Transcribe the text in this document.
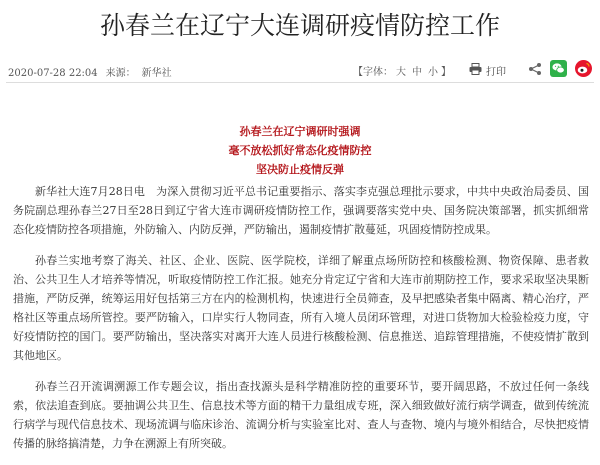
孙春兰在辽宁大连调研疫情防控工作
2020-07-28 22:04 来源： 新华社	【字体： 大 中 小 】	打印
孙春兰在辽宁调研时强调
毫不放松抓好常态化疫情防控
坚决防止疫情反弹

新华社大连7月28日电　为深入贯彻习近平总书记重要指示、落实李克强总理批示要求，中共中央政治局委员、国务院副总理孙春兰27日至28日到辽宁省大连市调研疫情防控工作，强调要落实党中央、国务院决策部署，抓实抓细常态化疫情防控各项措施，外防输入、内防反弹，严防输出，遏制疫情扩散蔓延，巩固疫情防控成果。

孙春兰实地考察了海关、社区、企业、医院、医学院校，详细了解重点场所防控和核酸检测、物资保障、患者救治、公共卫生人才培养等情况，听取疫情防控工作汇报。她充分肯定辽宁省和大连市前期防控工作，要求采取坚决果断措施，严防反弹，统筹运用好包括第三方在内的检测机构，快速进行全员筛查，及早把感染者集中隔离、精心治疗，严格社区等重点场所管控。要严防输入，口岸实行人物同查，所有入境人员闭环管理，对进口货物加大检验检疫力度，守好疫情防控的国门。要严防输出，坚决落实对离开大连人员进行核酸检测、信息推送、追踪管理措施，不使疫情扩散到其他地区。

孙春兰召开流调溯源工作专题会议，指出查找源头是科学精准防控的重要环节，要开阔思路，不放过任何一条线索，依法追查到底。要抽调公共卫生、信息技术等方面的精干力量组成专班，深入细致做好流行病学调查，做到传统流行病学与现代信息技术、现场流调与临床诊治、流调分析与实验室比对、查人与查物、境内与境外相结合，尽快把疫情传播的脉络搞清楚，力争在溯源上有所突破。
